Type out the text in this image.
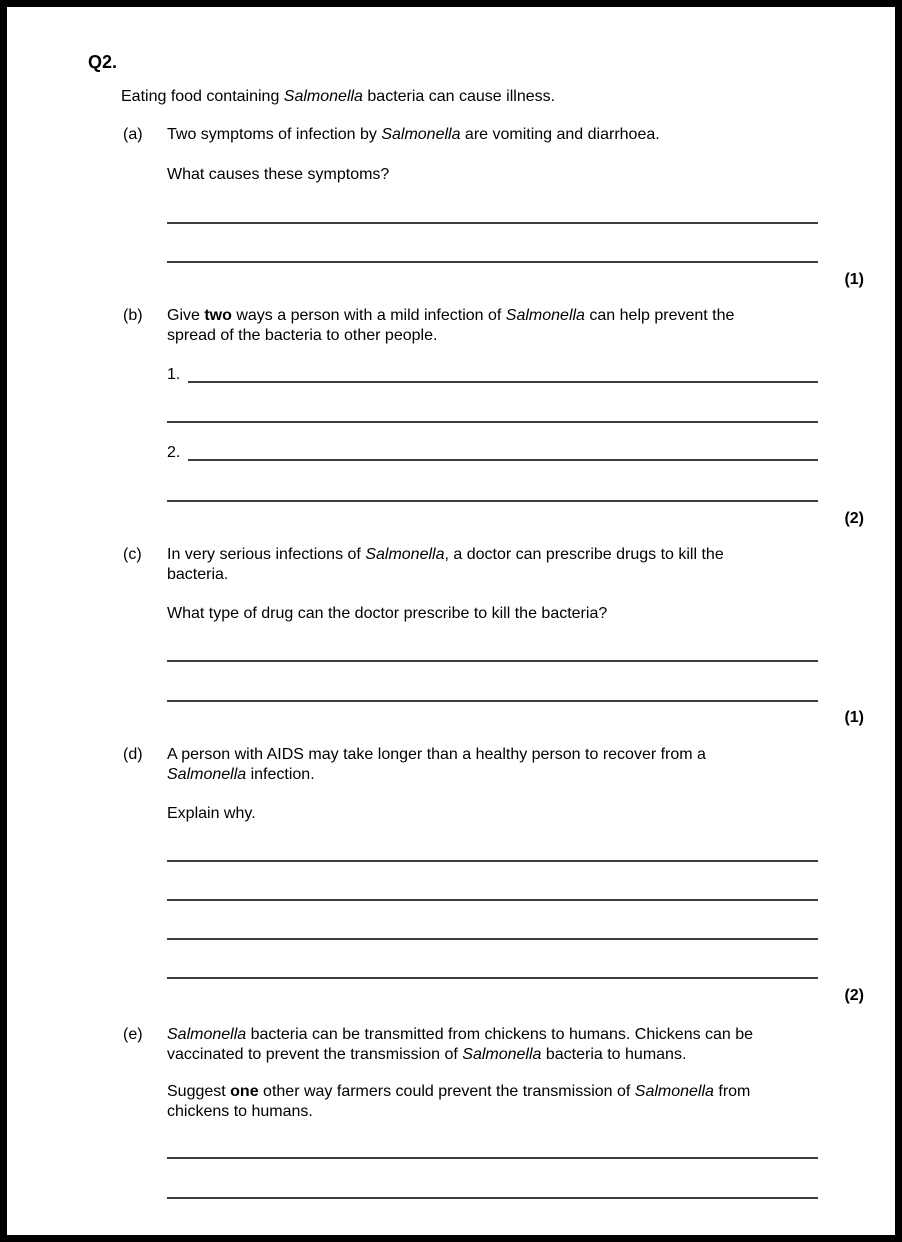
Q2.
Eating food containing Salmonella bacteria can cause illness.
(a) Two symptoms of infection by Salmonella are vomiting and diarrhoea.
What causes these symptoms?
(1)
(b) Give two ways a person with a mild infection of Salmonella can help prevent the
spread of the bacteria to other people.
1.
2.
(2)
(c) In very serious infections of Salmonella, a doctor can prescribe drugs to kill the
bacteria.
What type of drug can the doctor prescribe to kill the bacteria?
(1)
(d) A person with AIDS may take longer than a healthy person to recover from a
Salmonella infection.
Explain why.
(2)
(e) Salmonella bacteria can be transmitted from chickens to humans. Chickens can be
vaccinated to prevent the transmission of Salmonella bacteria to humans.
Suggest one other way farmers could prevent the transmission of Salmonella from
chickens to humans.
